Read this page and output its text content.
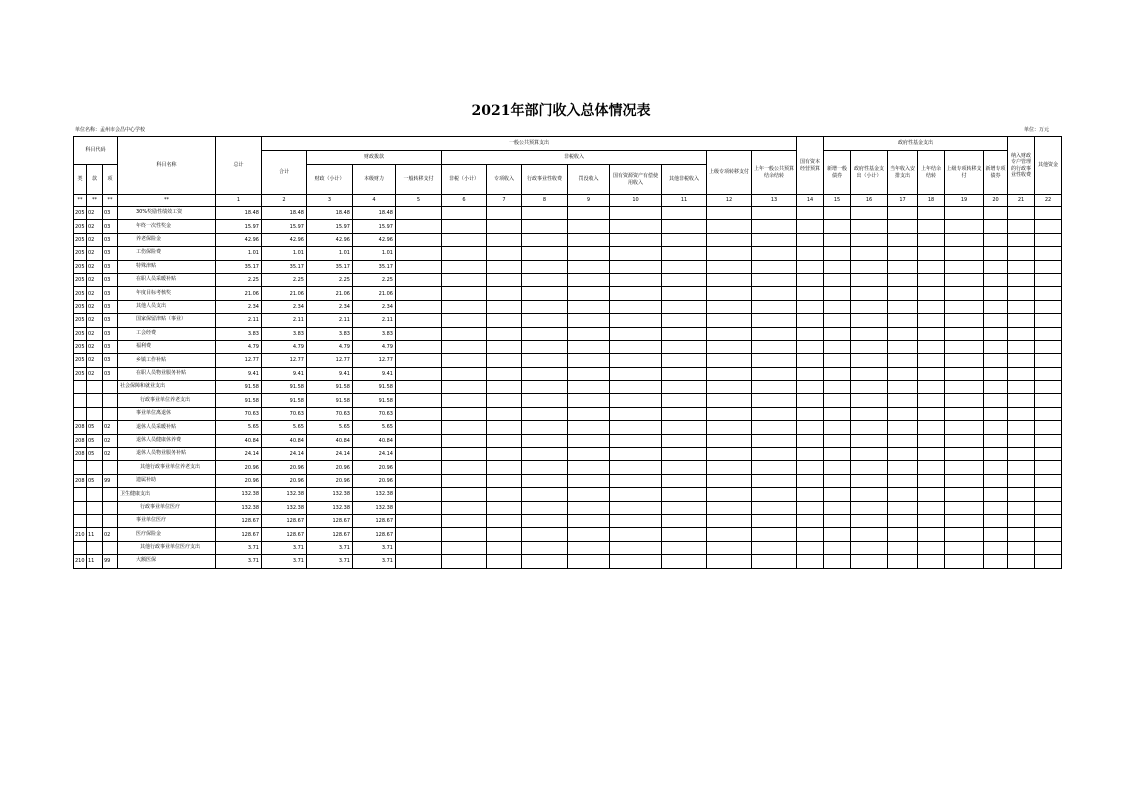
2021年部门收入总体情况表
单位名称：孟州市会昌中心学校	单位：万元
科目代码			科目名称	总计	一般公共预算支出												国有资本经营预算	政府性基金支出						纳入财政专户管理的行政事业性收费	其他资金
					合计	财政拨款			非税收入						上级专项转移支付	上年一般公共预算结余结转		新增一般债券	政府性基金支出（小计）	当年收入安排支出	上年结余结转	上级专项转移支付	新增专项债券		
类	款	项				财政（小计）	本级财力	一般转移支付	非税（小计）	专项收入	行政事业性收费	罚没收入	国有资源资产有偿使用收入	其他非税收入											
**	**	**	**	1	2	3	4	5	6	7	8	9	10	11	12	13	14	15	16	17	18	19	20	21	22
205	02	03	30%奖励性绩效工资	18.48	18.48	18.48	18.48																		
205	02	03	年终一次性奖金	15.97	15.97	15.97	15.97																		
205	02	03	养老保险金	42.96	42.96	42.96	42.96																		
205	02	03	工伤保险费	1.01	1.01	1.01	1.01																		
205	02	03	特殊津贴	35.17	35.17	35.17	35.17																		
205	02	03	在职人员采暖补贴	2.25	2.25	2.25	2.25																		
205	02	03	年度目标考核奖	21.06	21.06	21.06	21.06																		
205	02	03	其他人员支出	2.34	2.34	2.34	2.34																		
205	02	03	国家保留津贴（事业）	2.11	2.11	2.11	2.11																		
205	02	03	工会经费	3.83	3.83	3.83	3.83																		
205	02	03	福利费	4.79	4.79	4.79	4.79																		
205	02	03	乡镇工作补贴	12.77	12.77	12.77	12.77																		
205	02	03	在职人员物业服务补贴	9.41	9.41	9.41	9.41																		
			社会保障和就业支出	91.58	91.58	91.58	91.58																		
			行政事业单位养老支出	91.58	91.58	91.58	91.58																		
			事业单位离退休	70.63	70.63	70.63	70.63																		
208	05	02	退休人员采暖补贴	5.65	5.65	5.65	5.65																		
208	05	02	退休人员健康休养费	40.84	40.84	40.84	40.84																		
208	05	02	退休人员物业服务补贴	24.14	24.14	24.14	24.14																		
			其他行政事业单位养老支出	20.96	20.96	20.96	20.96																		
208	05	99	遗属补助	20.96	20.96	20.96	20.96																		
			卫生健康支出	132.38	132.38	132.38	132.38																		
			行政事业单位医疗	132.38	132.38	132.38	132.38																		
			事业单位医疗	128.67	128.67	128.67	128.67																		
210	11	02	医疗保险金	128.67	128.67	128.67	128.67																		
			其他行政事业单位医疗支出	3.71	3.71	3.71	3.71																		
210	11	99	大额医保	3.71	3.71	3.71	3.71																		
